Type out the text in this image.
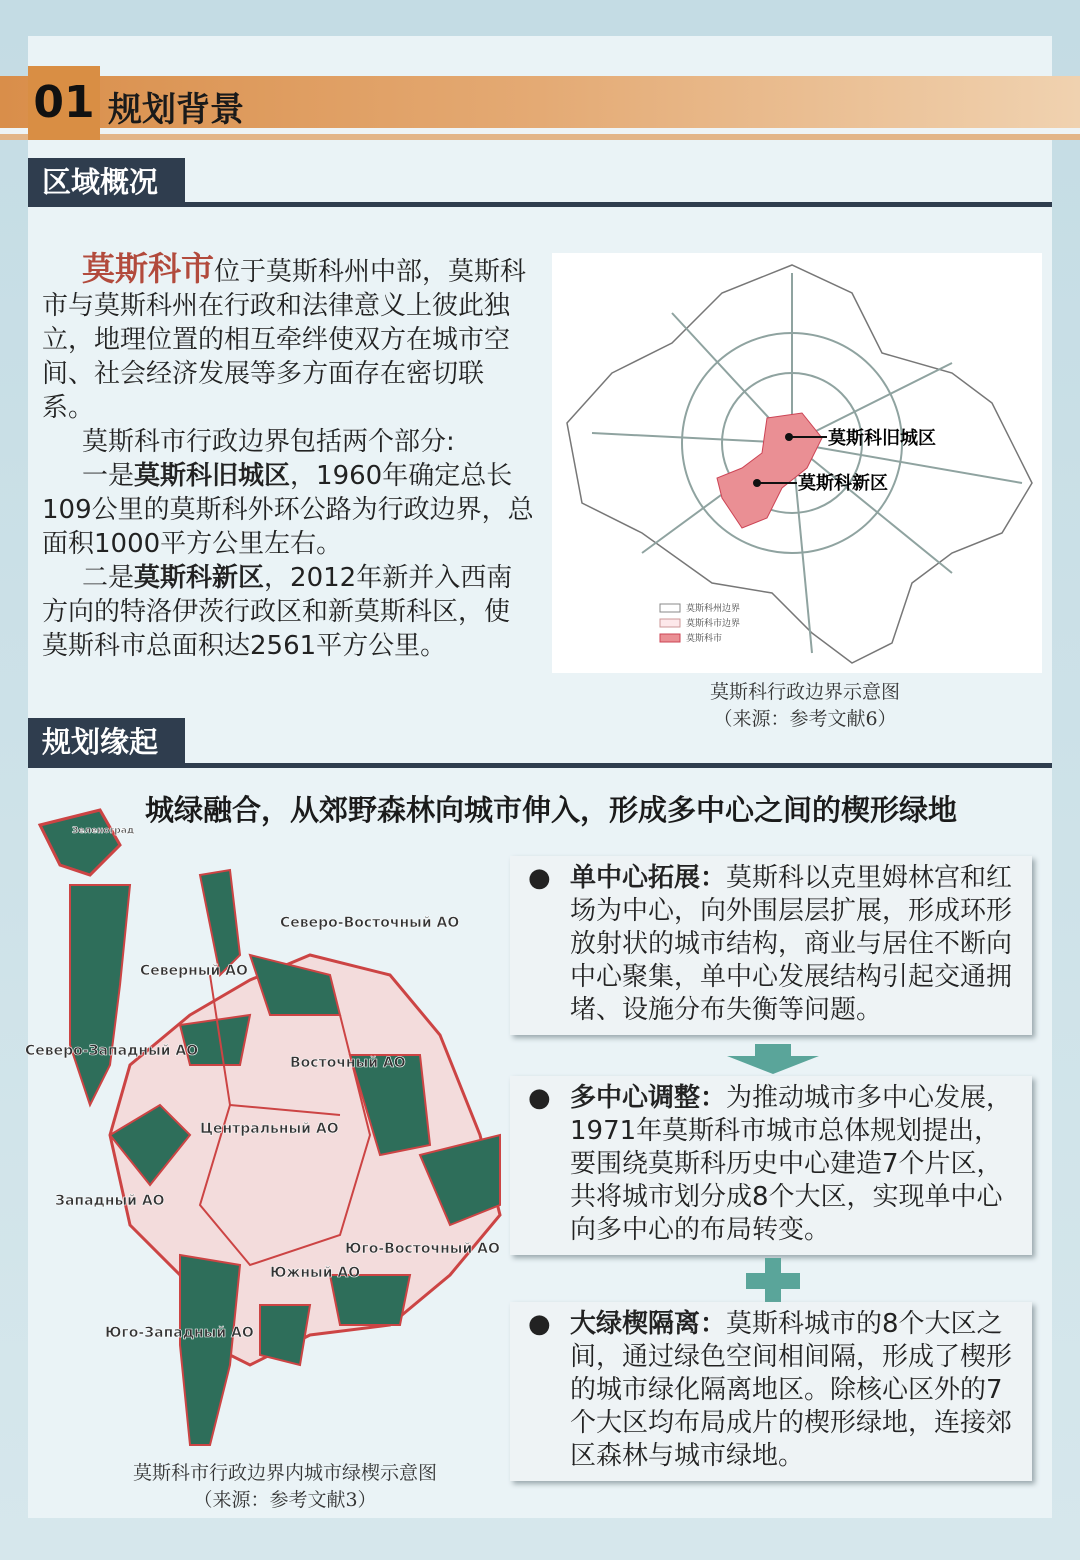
01 规划背景
区域概况

莫斯科市位于莫斯科州中部，莫斯科市与莫斯科州在行政和法律意义上彼此独立，地理位置的相互牵绊使双方在城市空间、社会经济发展等多方面存在密切联系。

莫斯科市行政边界包括两个部分:

一是莫斯科旧城区，1960年确定总长109公里的莫斯科外环公路为行政边界，总面积1000平方公里左右。

二是莫斯科新区，2012年新并入西南方向的特洛伊茨行政区和新莫斯科区，使莫斯科市总面积达2561平方公里。

莫斯科旧城区
莫斯科新区
莫斯科州边界
莫斯科市边界
莫斯科市
莫斯科行政边界示意图
（来源：参考文献6）
规划缘起
城绿融合，从郊野森林向城市伸入，形成多中心之间的楔形绿地
Зеленоград
Северный АО
Северо-Восточный АО
Северо-Западный АО
Восточный АО
Центральный АО
Западный АО
Юго-Восточный АО
Южный АО
Юго-Западный АО
莫斯科市行政边界内城市绿楔示意图
（来源：参考文献3）
● 单中心拓展：莫斯科以克里姆林宫和红场为中心，向外围层层扩展，形成环形放射状的城市结构，商业与居住不断向中心聚集，单中心发展结构引起交通拥堵、设施分布失衡等问题。
● 多中心调整：为推动城市多中心发展，1971年莫斯科市城市总体规划提出，要围绕莫斯科历史中心建造7个片区，共将城市划分成8个大区，实现单中心向多中心的布局转变。
● 大绿楔隔离：莫斯科城市的8个大区之间，通过绿色空间相间隔，形成了楔形的城市绿化隔离地区。除核心区外的7个大区均布局成片的楔形绿地，连接郊区森林与城市绿地。
